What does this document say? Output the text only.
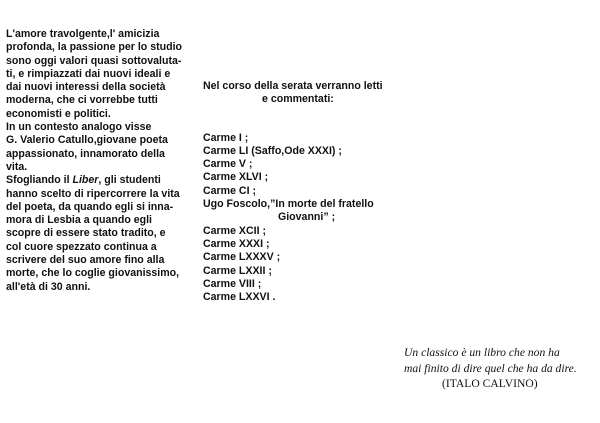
L'amore travolgente,l' amicizia
profonda, la passione per lo studio
sono oggi valori quasi sottovaluta-
ti, e rimpiazzati dai nuovi ideali e
dai nuovi interessi della società
moderna, che ci vorrebbe tutti
economisti e politici.
In un contesto analogo visse
G. Valerio Catullo,giovane poeta
appassionato, innamorato della
vita.
Sfogliando il Liber, gli studenti
hanno scelto di ripercorrere la vita
del poeta, da quando egli si inna-
mora di Lesbia a quando egli
scopre di essere stato tradito, e
col cuore spezzato continua a
scrivere del suo amore fino alla
morte, che lo coglie giovanissimo,
all'età di 30 anni.
Nel corso della serata verranno letti
e commentati:
Carme I ;
Carme LI (Saffo,Ode XXXI) ;
Carme V ;
Carme XLVI ;
Carme CI ;
Ugo Foscolo,”In morte del fratello
Giovanni” ;
Carme XCII ;
Carme XXXI ;
Carme LXXXV ;
Carme LXXII ;
Carme VIII ;
Carme LXXVI .
Un classico è un libro che non ha
mai finito di dire quel che ha da dire.
(ITALO CALVINO)
